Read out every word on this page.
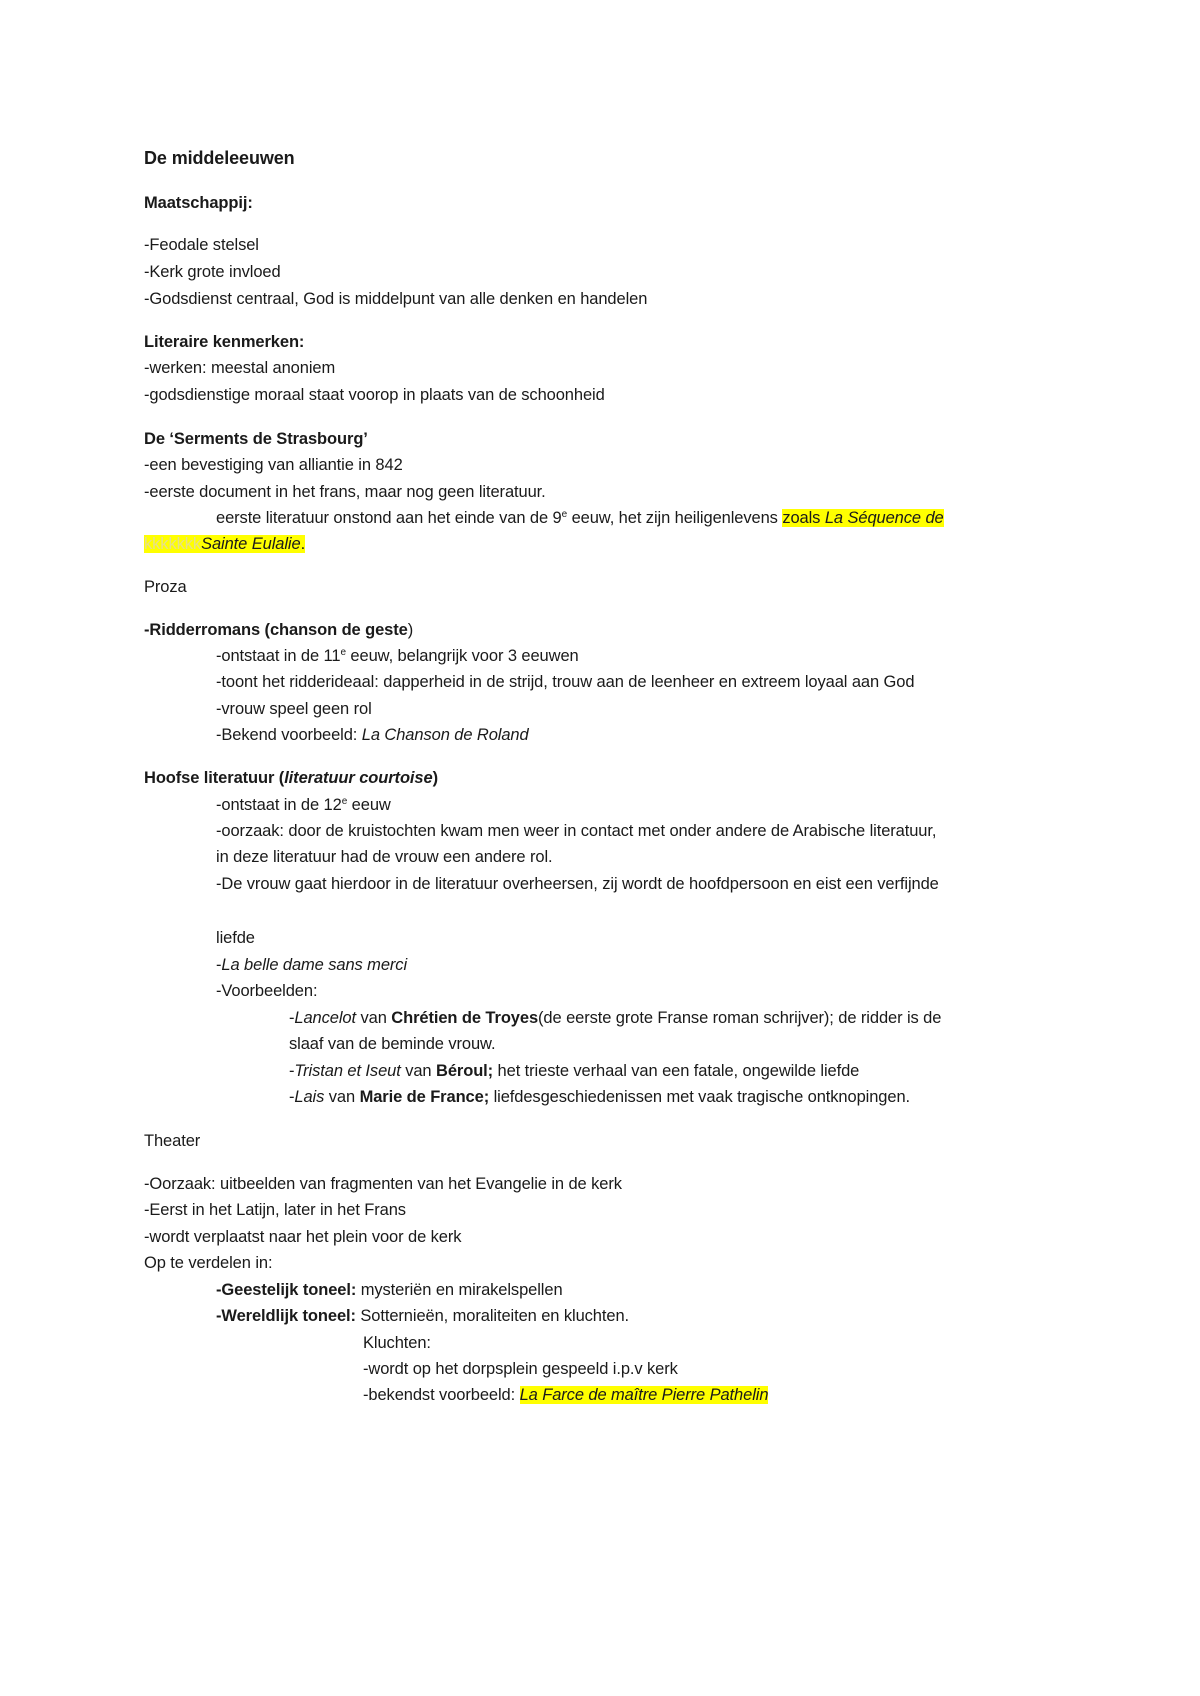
De middeleeuwen
Maatschappij:
-Feodale stelsel
-Kerk grote invloed
-Godsdienst centraal, God is middelpunt van alle denken en handelen
Literaire kenmerken:
-werken: meestal anoniem
-godsdienstige moraal staat voorop in plaats van de schoonheid
De ‘Serments de Strasbourg’
-een bevestiging van alliantie in 842
-eerste document in het frans, maar nog geen literatuur.
eerste literatuur onstond aan het einde van de 9e eeuw, het zijn heiligenlevens zoals La Séquence de
kkkkkkkSainte Eulalie.
Proza
-Ridderromans (chanson de geste)
-ontstaat in de 11e eeuw, belangrijk voor 3 eeuwen
-toont het ridderideaal: dapperheid in de strijd, trouw aan de leenheer en extreem loyaal aan God
-vrouw speel geen rol
-Bekend voorbeeld: La Chanson de Roland
Hoofse literatuur (literatuur courtoise)
-ontstaat in de 12e eeuw
-oorzaak: door de kruistochten kwam men weer in contact met onder andere de Arabische literatuur,
in deze literatuur had de vrouw een andere rol.
-De vrouw gaat hierdoor in de literatuur overheersen, zij wordt de hoofdpersoon en eist een verfijnde
liefde
-La belle dame sans merci
-Voorbeelden:
-Lancelot van Chrétien de Troyes(de eerste grote Franse roman schrijver); de ridder is de
slaaf van de beminde vrouw.
-Tristan et Iseut van Béroul; het trieste verhaal van een fatale, ongewilde liefde
-Lais van Marie de France; liefdesgeschiedenissen met vaak tragische ontknopingen.
Theater
-Oorzaak: uitbeelden van fragmenten van het Evangelie in de kerk
-Eerst in het Latijn, later in het Frans
-wordt verplaatst naar het plein voor de kerk
Op te verdelen in:
-Geestelijk toneel: mysteriën en mirakelspellen
-Wereldlijk toneel: Sotternieën, moraliteiten en kluchten.
Kluchten:
-wordt op het dorpsplein gespeeld i.p.v kerk
-bekendst voorbeeld: La Farce de maître Pierre Pathelin
